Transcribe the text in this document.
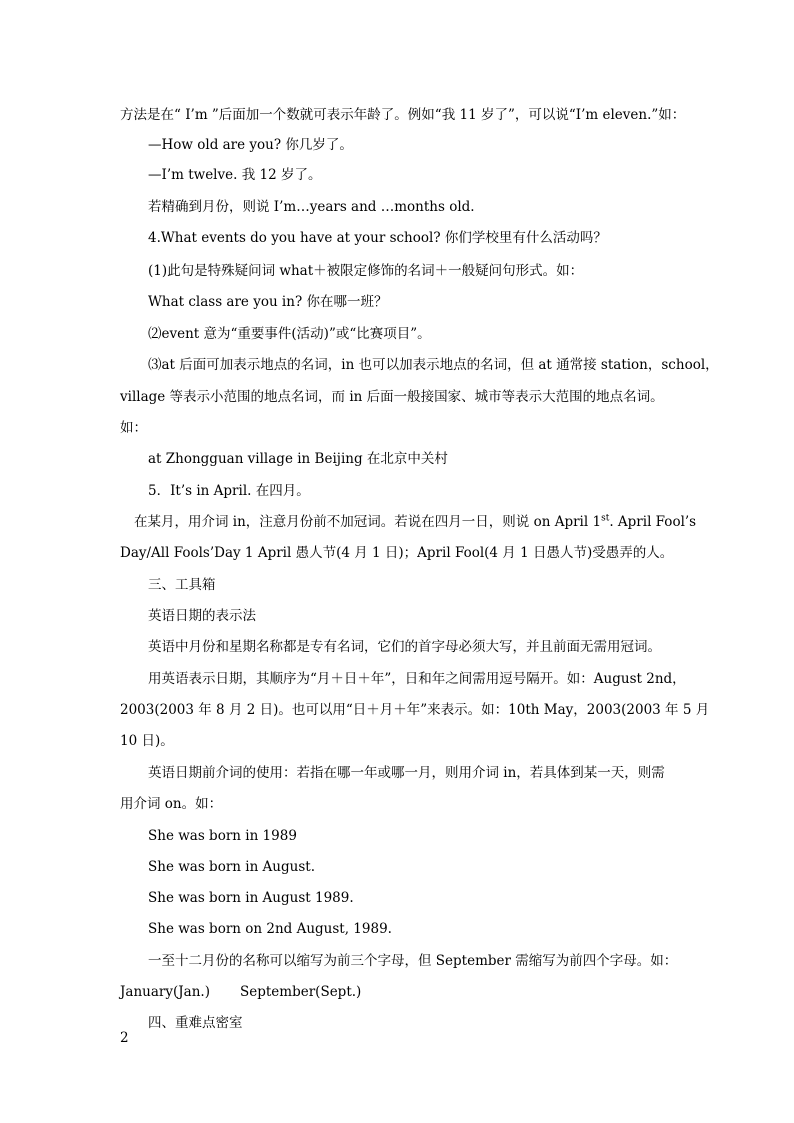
方法是在“ I’m ”后面加一个数就可表示年龄了。例如“我 11 岁了”，可以说“I’m eleven.”如：
—How old are you? 你几岁了。
—I’m twelve. 我 12 岁了。
若精确到月份，则说 I’m…years and …months old.
4.What events do you have at your school? 你们学校里有什么活动吗？
(1)此句是特殊疑问词 what＋被限定修饰的名词＋一般疑问句形式。如：
What class are you in? 你在哪一班？
⑵event 意为“重要事件(活动)”或“比赛项目”。
⑶at 后面可加表示地点的名词，in 也可以加表示地点的名词，但 at 通常接 station，school，
village 等表示小范围的地点名词，而 in 后面一般接国家、城市等表示大范围的地点名词。
如：
at Zhongguan village in Beijing 在北京中关村
5．It’s in April. 在四月。
在某月，用介词 in，注意月份前不加冠词。若说在四月一日，则说 on April 1st. April Fool’s
Day/All Fools’Day 1 April 愚人节(4 月 1 日)；April Fool(4 月 1 日愚人节)受愚弄的人。
三、工具箱
英语日期的表示法
英语中月份和星期名称都是专有名词，它们的首字母必须大写，并且前面无需用冠词。
用英语表示日期，其顺序为“月＋日＋年”，日和年之间需用逗号隔开。如：August 2nd，
2003(2003 年 8 月 2 日)。也可以用“日＋月＋年”来表示。如：10th May，2003(2003 年 5 月
10 日)。
英语日期前介词的使用：若指在哪一年或哪一月，则用介词 in，若具体到某一天，则需
用介词 on。如：
She was born in 1989
She was born in August.
She was born in August 1989.
She was born on 2nd August, 1989.
一至十二月份的名称可以缩写为前三个字母，但 September 需缩写为前四个字母。如：
January(Jan.)       September(Sept.)
四、重难点密室
2
